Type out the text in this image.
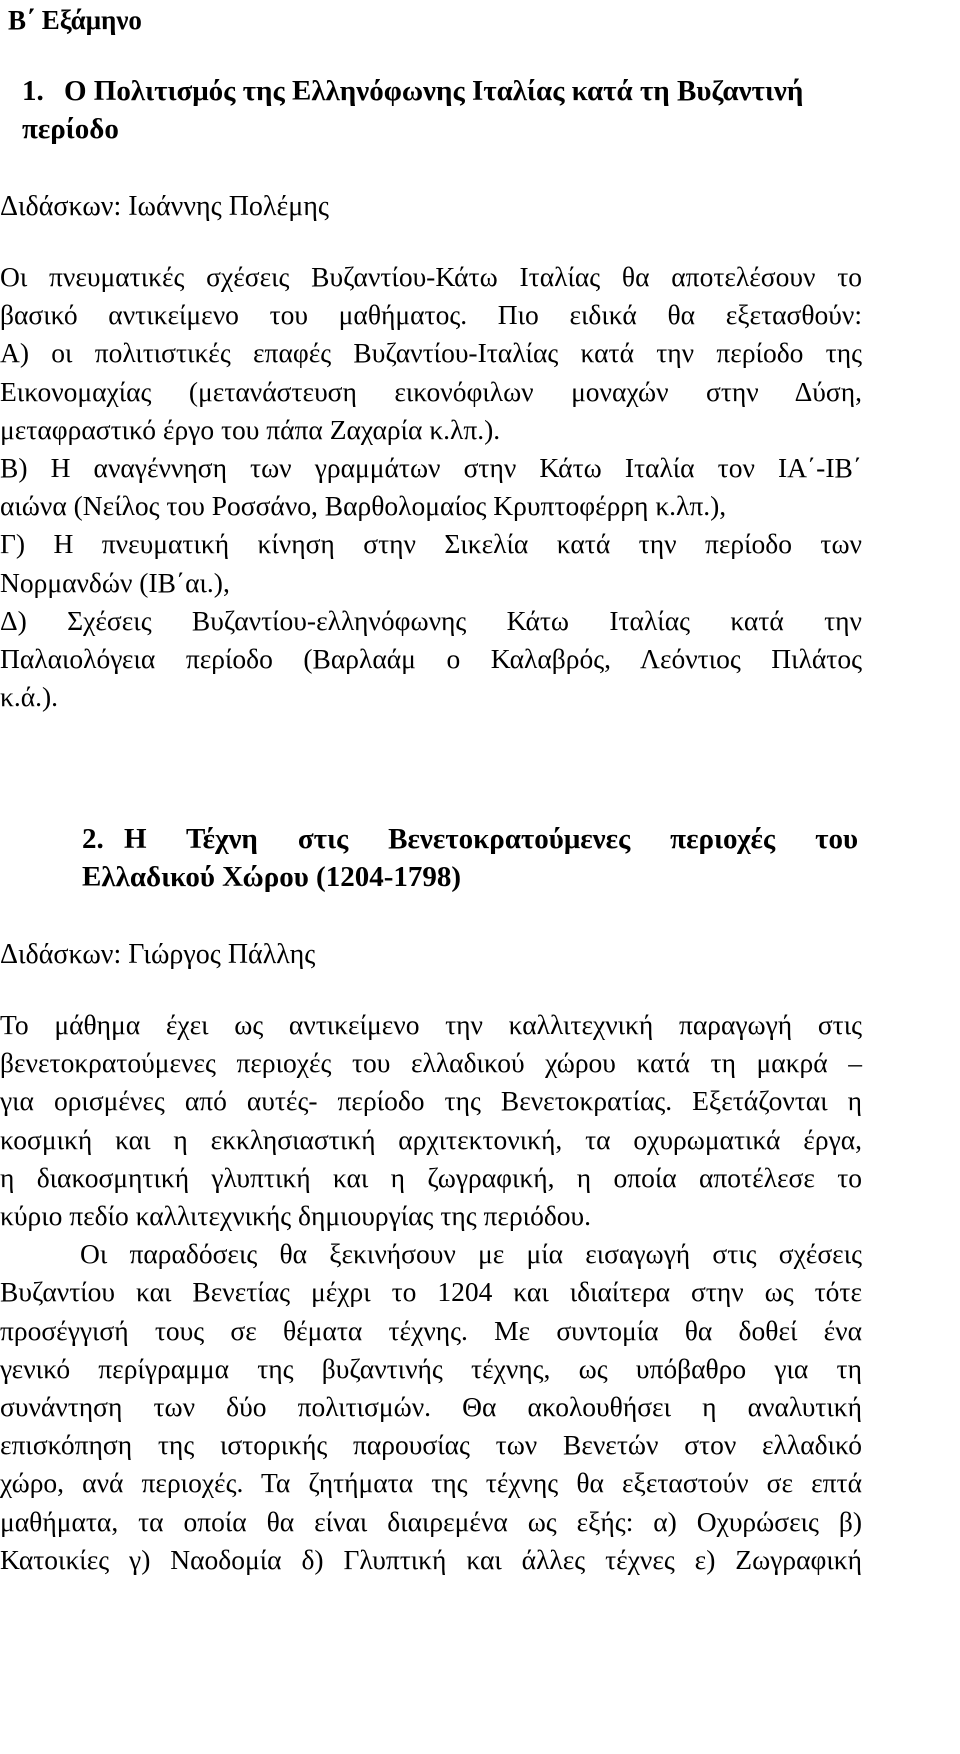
Β΄ Εξάμηνο
1. Ο Πολιτισμός της Ελληνόφωνης Ιταλίας κατά τη Βυζαντινή
περίοδο

Διδάσκων: Ιωάννης Πολέμης

Οι πνευματικές σχέσεις Βυζαντίου-Κάτω Ιταλίας θα αποτελέσουν το
βασικό αντικείμενο του μαθήματος. Πιο ειδικά θα εξετασθούν:
Α) οι πολιτιστικές επαφές Βυζαντίου-Ιταλίας κατά την περίοδο της
Εικονομαχίας (μετανάστευση εικονόφιλων μοναχών στην Δύση,
μεταφραστικό έργο του πάπα Ζαχαρία κ.λπ.).
Β) Η αναγέννηση των γραμμάτων στην Κάτω Ιταλία τον ΙΑ΄-ΙΒ΄
αιώνα (Νείλος του Ροσσάνο, Βαρθολομαίος Κρυπτοφέρρη κ.λπ.),
Γ) Η πνευματική κίνηση στην Σικελία κατά την περίοδο των
Νορμανδών (ΙΒ΄αι.),
Δ) Σχέσεις Βυζαντίου-ελληνόφωνης Κάτω Ιταλίας κατά την
Παλαιολόγεια περίοδο (Βαρλαάμ ο Καλαβρός, Λεόντιος Πιλάτος
κ.ά.).
2. Η Τέχνη στις Βενετοκρατούμενες περιοχές του
Ελλαδικού Χώρου (1204-1798)

Διδάσκων: Γιώργος Πάλλης

Το μάθημα έχει ως αντικείμενο την καλλιτεχνική παραγωγή στις
βενετοκρατούμενες περιοχές του ελλαδικού χώρου κατά τη μακρά –
για ορισμένες από αυτές- περίοδο της Βενετοκρατίας. Εξετάζονται η
κοσμική και η εκκλησιαστική αρχιτεκτονική, τα οχυρωματικά έργα,
η διακοσμητική γλυπτική και η ζωγραφική, η οποία αποτέλεσε το
κύριο πεδίο καλλιτεχνικής δημιουργίας της περιόδου.
Οι παραδόσεις θα ξεκινήσουν με μία εισαγωγή στις σχέσεις
Βυζαντίου και Βενετίας μέχρι το 1204 και ιδιαίτερα στην ως τότε
προσέγγισή τους σε θέματα τέχνης. Με συντομία θα δοθεί ένα
γενικό περίγραμμα της βυζαντινής τέχνης, ως υπόβαθρο για τη
συνάντηση των δύο πολιτισμών. Θα ακολουθήσει η αναλυτική
επισκόπηση της ιστορικής παρουσίας των Βενετών στον ελλαδικό
χώρο, ανά περιοχές. Τα ζητήματα της τέχνης θα εξεταστούν σε επτά
μαθήματα, τα οποία θα είναι διαιρεμένα ως εξής: α) Οχυρώσεις β)
Κατοικίες γ) Ναοδομία δ) Γλυπτική και άλλες τέχνες ε) Ζωγραφική
